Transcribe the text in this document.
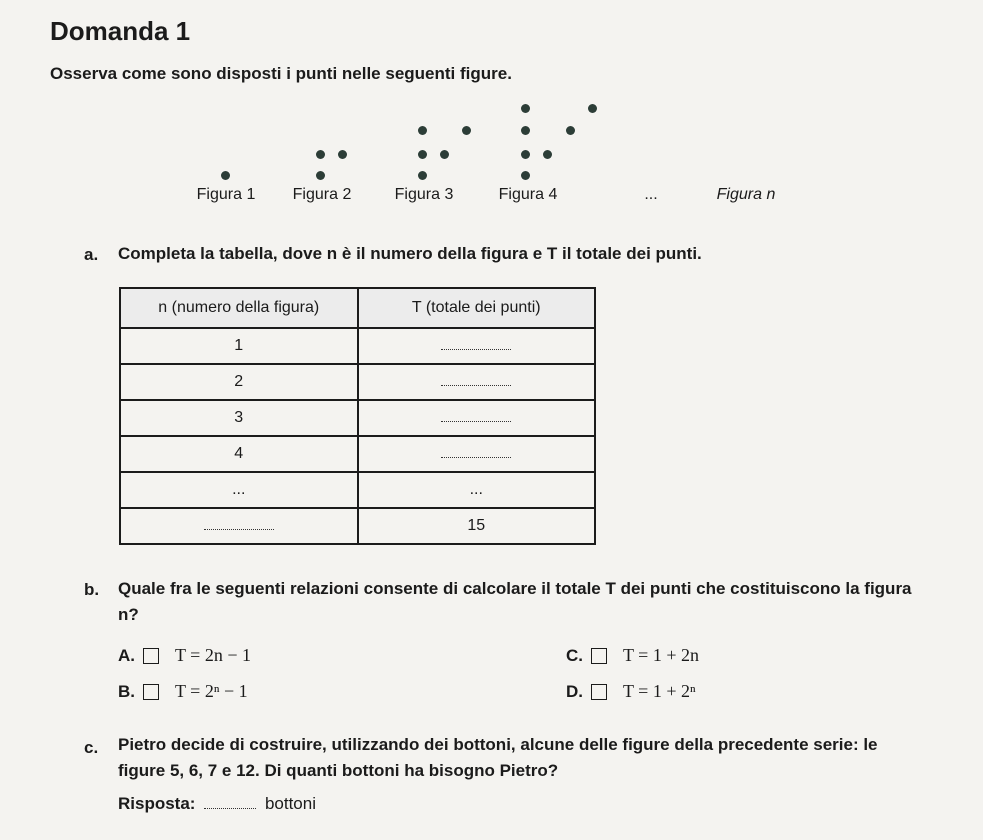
Domanda 1
Osserva come sono disposti i punti nelle seguenti figure.
Figura 1	Figura 2	Figura 3	Figura 4	...	Figura n
a. Completa la tabella, dove n è il numero della figura e T il totale dei punti.
n (numero della figura)	T (totale dei punti)
1	
2	
3	
4	
...	...
	15
b. Quale fra le seguenti relazioni consente di calcolare il totale T dei punti che costituiscono la figura n?
A. T = 2n − 1
B. T = 2ⁿ − 1
C. T = 1 + 2n
D. T = 1 + 2ⁿ
c. Pietro decide di costruire, utilizzando dei bottoni, alcune delle figure della precedente serie: le figure 5, 6, 7 e 12. Di quanti bottoni ha bisogno Pietro?
Risposta:	bottoni
